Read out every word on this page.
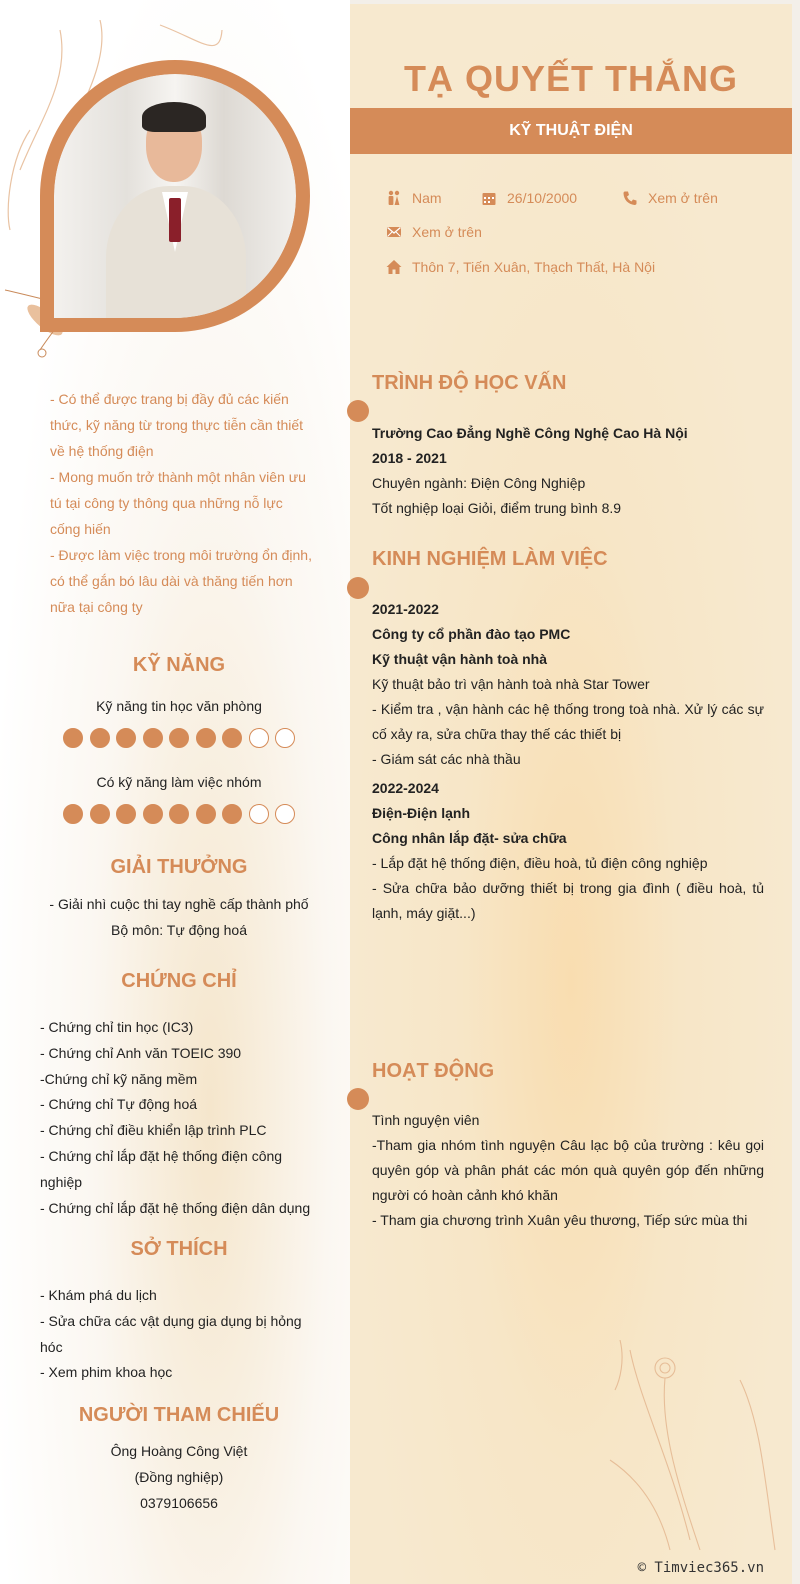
- Có thể được trang bị đầy đủ các kiến thức, kỹ năng từ trong thực tiễn cần thiết về hệ thống điện
- Mong muốn trở thành một nhân viên ưu tú tại công ty thông qua những nỗ lực cống hiến
- Được làm việc trong môi trường ổn định, có thể gắn bó lâu dài và thăng tiến hơn nữa tại công ty
KỸ NĂNG
Kỹ năng tin học văn phòng
Có kỹ năng làm việc nhóm
GIẢI THƯỞNG
- Giải nhì cuộc thi tay nghề cấp thành phố
Bộ môn: Tự động hoá
CHỨNG CHỈ
- Chứng chỉ tin học (IC3)
- Chứng chỉ Anh văn TOEIC 390
-Chứng chỉ kỹ năng mềm
- Chứng chỉ Tự động hoá
- Chứng chỉ điều khiển lập trình PLC
- Chứng chỉ lắp đặt hệ thống điện công nghiệp
- Chứng chỉ lắp đặt hệ thống điện dân dụng
SỞ THÍCH
- Khám phá du lịch
- Sửa chữa các vật dụng gia dụng bị hỏng hóc
- Xem phim khoa học
NGƯỜI THAM CHIẾU
Ông Hoàng Công Việt
(Đồng nghiệp)
0379106656
TẠ QUYẾT THẮNG
KỸ THUẬT ĐIỆN
Nam	26/10/2000	Xem ở trên
Xem ở trên
Thôn 7, Tiến Xuân, Thạch Thất, Hà Nội
TRÌNH ĐỘ HỌC VẤN
Trường Cao Đẳng Nghề Công Nghệ Cao Hà Nội
2018 - 2021
Chuyên ngành: Điện Công Nghiệp
Tốt nghiệp loại Giỏi, điểm trung bình 8.9
KINH NGHIỆM LÀM VIỆC
2021-2022
Công ty cổ phần đào tạo PMC
Kỹ thuật vận hành toà nhà
Kỹ thuật bảo trì vận hành toà nhà Star Tower
- Kiểm tra , vận hành các hệ thống trong toà nhà. Xử lý các sự cố xảy ra, sửa chữa thay thế các thiết bị
- Giám sát các nhà thầu
2022-2024
Điện-Điện lạnh
Công nhân lắp đặt- sửa chữa
- Lắp đặt hệ thống điện, điều hoà, tủ điện công nghiệp
- Sửa chữa bảo dưỡng thiết bị trong gia đình ( điều hoà, tủ lạnh, máy giặt...)
HOẠT ĐỘNG
Tình nguyện viên
-Tham gia nhóm tình nguyện Câu lạc bộ của trường : kêu gọi quyên góp và phân phát các món quà quyên góp đến những người có hoàn cảnh khó khăn
- Tham gia chương trình Xuân yêu thương, Tiếp sức mùa thi
© Timviec365.vn
